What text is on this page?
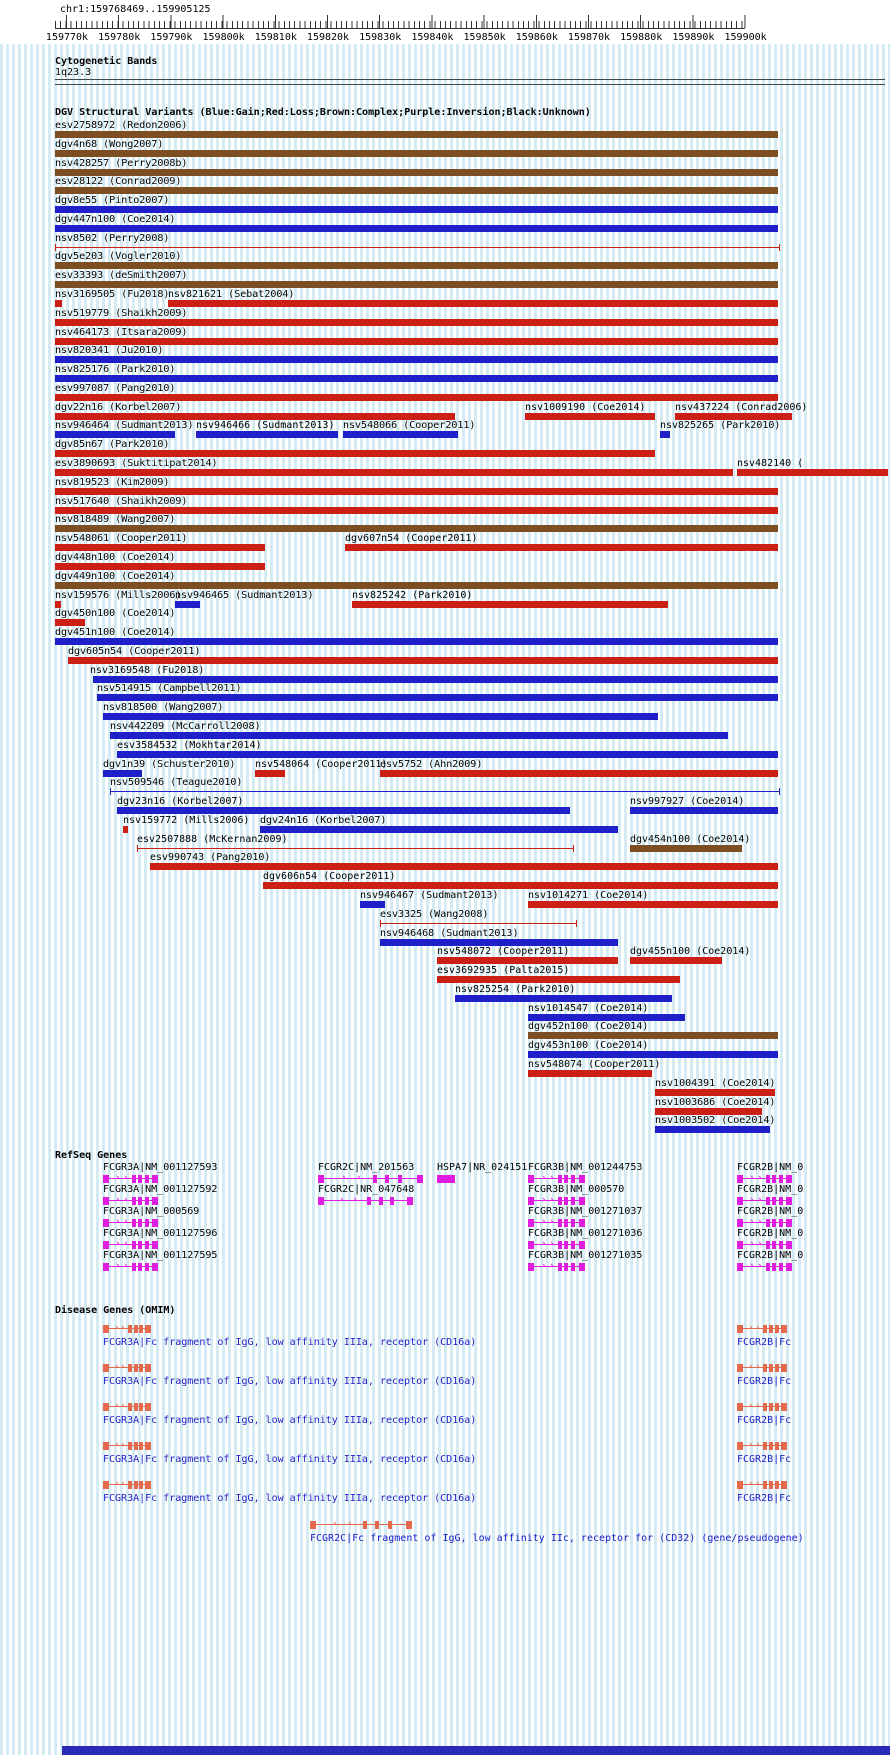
chr1:159768469..159905125
159770k 159780k 159790k 159800k 159810k 159820k 159830k 159840k 159850k 159860k 159870k 159880k 159890k 159900k
Cytogenetic Bands
1q23.3
DGV Structural Variants (Blue:Gain;Red:Loss;Brown:Complex;Purple:Inversion;Black:Unknown)
esv2758972 (Redon2006)
dgv4n68 (Wong2007)
nsv428257 (Perry2008b)
esv28122 (Conrad2009)
dgv8e55 (Pinto2007)
dgv447n100 (Coe2014)
nsv8502 (Perry2008)
dgv5e203 (Vogler2010)
esv33393 (deSmith2007)
nsv3169505 (Fu2018)
nsv821621 (Sebat2004)
nsv519779 (Shaikh2009)
nsv464173 (Itsara2009)
nsv820341 (Ju2010)
nsv825176 (Park2010)
esv997087 (Pang2010)
dgv22n16 (Korbel2007)	nsv1009190 (Coe2014)	nsv437224 (Conrad2006)
nsv946464 (Sudmant2013) nsv946466 (Sudmant2013) nsv548066 (Cooper2011)	nsv825265 (Park2010)
dgv85n67 (Park2010)
esv3890693 (Suktitipat2014)	nsv482140 (
nsv819523 (Kim2009)
nsv517640 (Shaikh2009)
nsv818489 (Wang2007)
nsv548061 (Cooper2011)	dgv607n54 (Cooper2011)
dgv448n100 (Coe2014)
dgv449n100 (Coe2014)
nsv159576 (Mills2006)
nsv946465 (Sudmant2013)	nsv825242 (Park2010)
dgv450n100 (Coe2014)
dgv451n100 (Coe2014)
dgv605n54 (Cooper2011)
nsv3169548 (Fu2018)
nsv514915 (Campbell2011)
nsv818500 (Wang2007)
nsv442209 (McCarroll2008)
esv3584532 (Mokhtar2014)
dgv1n39 (Schuster2010) nsv548064 (Cooper2011)
esv5752 (Ahn2009)
nsv509546 (Teague2010)
dgv23n16 (Korbel2007)	nsv997927 (Coe2014)
nsv159772 (Mills2006) dgv24n16 (Korbel2007)
esv2507888 (McKernan2009)	dgv454n100 (Coe2014)
esv990743 (Pang2010)
dgv606n54 (Cooper2011)
nsv946467 (Sudmant2013)	nsv1014271 (Coe2014)
esv3325 (Wang2008)
nsv946468 (Sudmant2013)
nsv548072 (Cooper2011)	dgv455n100 (Coe2014)
esv3692935 (Palta2015)
nsv825254 (Park2010)
nsv1014547 (Coe2014)
dgv452n100 (Coe2014)
dgv453n100 (Coe2014)
nsv548074 (Cooper2011)
nsv1004391 (Coe2014)
nsv1003686 (Coe2014)
nsv1003502 (Coe2014)
RefSeq Genes
FCGR3A|NM_001127593
› ›
FCGR2C|NM_201563
› ›
HSPA7|NR_024151 FCGR3B|NM_001244753
› ›
FCGR2B|NM_0
› ›
FCGR3A|NM_001127592
› ›
FCGR2C|NR_047648
› ›
FCGR3B|NM_000570
› ›
FCGR2B|NM_0
› ›
FCGR3A|NM_000569
› ›
FCGR3B|NM_001271037
› ›
FCGR2B|NM_0
› ›
FCGR3A|NM_001127596
› ›
FCGR3B|NM_001271036
› ›
FCGR2B|NM_0
› ›
FCGR3A|NM_001127595
› ›
FCGR3B|NM_001271035
› ›
FCGR2B|NM_0
› ›
Disease Genes (OMIM)
› ›
FCGR3A|Fc fragment of IgG, low affinity IIIa, receptor (CD16a)
› ›
FCGR2B|Fc
› ›
FCGR3A|Fc fragment of IgG, low affinity IIIa, receptor (CD16a)
› ›
FCGR2B|Fc
› ›
FCGR3A|Fc fragment of IgG, low affinity IIIa, receptor (CD16a)
› ›
FCGR2B|Fc
› ›
FCGR3A|Fc fragment of IgG, low affinity IIIa, receptor (CD16a)
› ›
FCGR2B|Fc
› ›
FCGR3A|Fc fragment of IgG, low affinity IIIa, receptor (CD16a)
› ›
FCGR2B|Fc
› ›
FCGR2C|Fc fragment of IgG, low affinity IIc, receptor for (CD32) (gene/pseudogene)
